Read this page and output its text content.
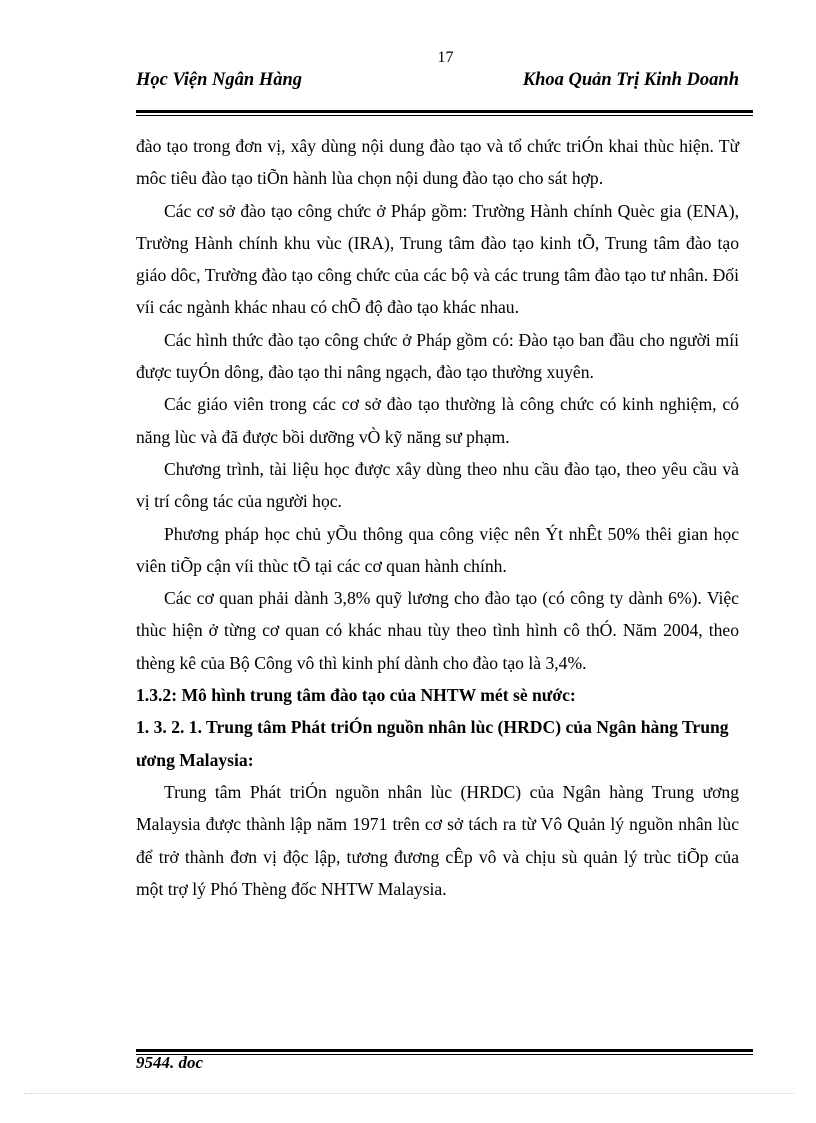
17
Học Viện Ngân Hàng	Khoa Quản Trị Kinh Doanh

đào tạo trong đơn vị, xây dùng nội dung đào tạo và tổ chức triÓn khai thùc hiện. Từ môc tiêu đào tạo tiÕn hành lùa chọn nội dung đào tạo cho sát hợp.

Các cơ sở đào tạo công chức ở Pháp gồm: Trường Hành chính Quèc gia (ENA), Trường Hành chính khu vùc (IRA), Trung tâm đào tạo kinh tÕ, Trung tâm đào tạo giáo dôc, Trường đào tạo công chức của các bộ và các trung tâm đào tạo tư nhân. Đối víi các ngành khác nhau có chÕ độ đào tạo khác nhau.

Các hình thức đào tạo công chức ở Pháp gồm có: Đào tạo ban đầu cho người míi được tuyÓn dông, đào tạo thi nâng ngạch, đào tạo thường xuyên.

Các giáo viên trong các cơ sở đào tạo thường là công chức có kinh nghiệm, có năng lùc và đã được bồi dưỡng vÒ kỹ năng sư phạm.

Chương trình, tài liệu học được xây dùng theo nhu cầu đào tạo, theo yêu cầu và vị trí công tác của người học.

Phương pháp học chủ yÕu thông qua công việc nên Ýt nhÊt 50% thêi gian học viên tiÕp cận víi thùc tÕ tại các cơ quan hành chính.

Các cơ quan phải dành 3,8% quỹ lương cho đào tạo (có công ty dành 6%). Việc thùc hiện ở từng cơ quan có khác nhau tùy theo tình hình cô thÓ. Năm 2004, theo thèng kê của Bộ Công vô thì kinh phí dành cho đào tạo là 3,4%.

1.3.2: Mô hình trung tâm đào tạo của NHTW mét sè nước:

1. 3. 2. 1. Trung tâm Phát triÓn nguồn nhân lùc (HRDC) của Ngân hàng Trung ương Malaysia:

Trung tâm Phát triÓn nguồn nhân lùc (HRDC) của Ngân hàng Trung ương Malaysia được thành lập năm 1971 trên cơ sở tách ra từ Vô Quản lý nguồn nhân lùc để trở thành đơn vị độc lập, tương đương cÊp vô và chịu sù quản lý trùc tiÕp của một trợ lý Phó Thèng đốc NHTW Malaysia.

9544. doc
